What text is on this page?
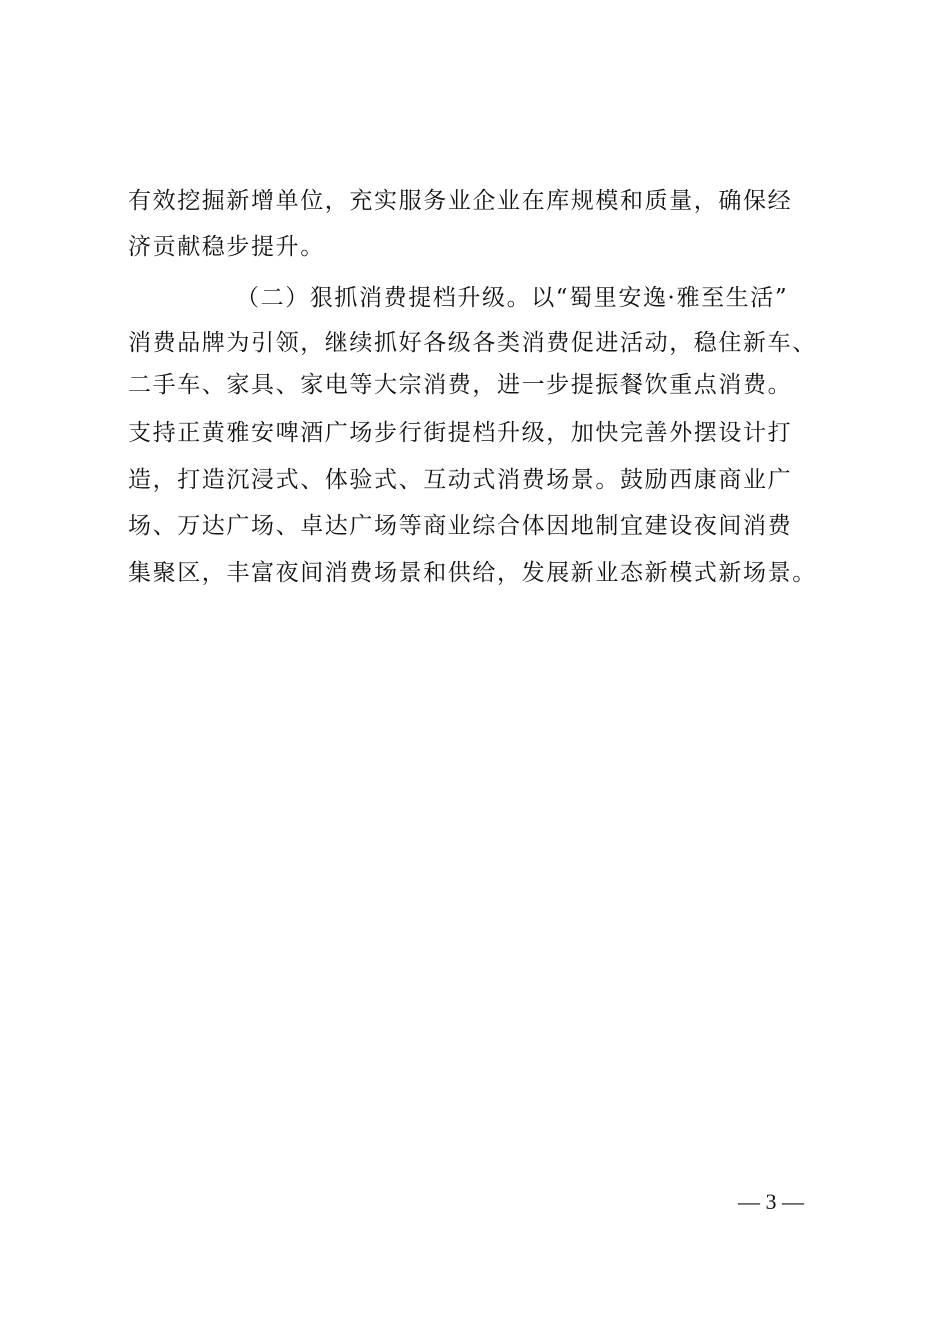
有效挖掘新增单位，充实服务业企业在库规模和质量，确保经
济贡献稳步提升。
（二）狠抓消费提档升级。以“蜀里安逸·雅至生活”
消费品牌为引领，继续抓好各级各类消费促进活动，稳住新车、
二手车、家具、家电等大宗消费，进一步提振餐饮重点消费。
支持正黄雅安啤酒广场步行街提档升级，加快完善外摆设计打
造，打造沉浸式、体验式、互动式消费场景。鼓励西康商业广
场、万达广场、卓达广场等商业综合体因地制宜建设夜间消费
集聚区，丰富夜间消费场景和供给，发展新业态新模式新场景。
— 3 —
